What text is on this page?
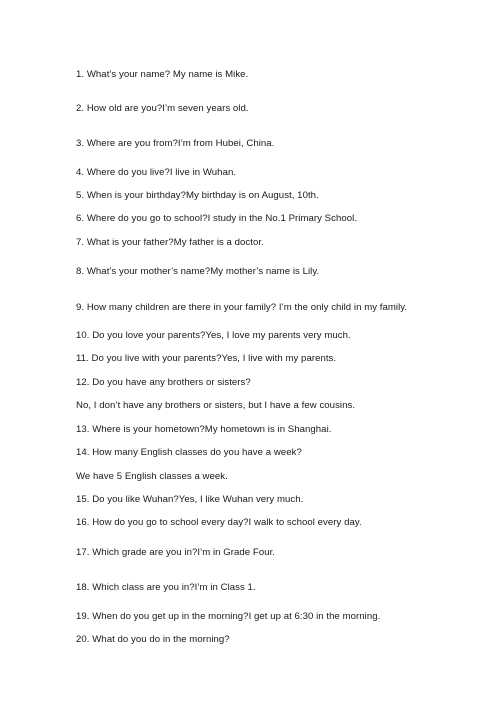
1. What’s your name? My name is Mike.
2. How old are you?I’m seven years old.
3. Where are you from?I’m from Hubei, China.
4. Where do you live?I live in Wuhan.
5. When is your birthday?My birthday is on August, 10th.
6. Where do you go to school?I study in the No.1 Primary School.
7. What is your father?My father is a doctor.
8. What’s your mother’s name?My mother’s name is Lily.
9. How many children are there in your family? I’m the only child in my family.
10. Do you love your parents?Yes, I love my parents very much.
11. Do you live with your parents?Yes, I live with my parents.
12. Do you have any brothers or sisters?
No, I don’t have any brothers or sisters, but I have a few cousins.
13. Where is your hometown?My hometown is in Shanghai.
14. How many English classes do you have a week?
We have 5 English classes a week.
15. Do you like Wuhan?Yes, I like Wuhan very much.
16. How do you go to school every day?I walk to school every day.
17. Which grade are you in?I’m in Grade Four.
18. Which class are you in?I’m in Class 1.
19. When do you get up in the morning?I get up at 6:30 in the morning.
20. What do you do in the morning?
